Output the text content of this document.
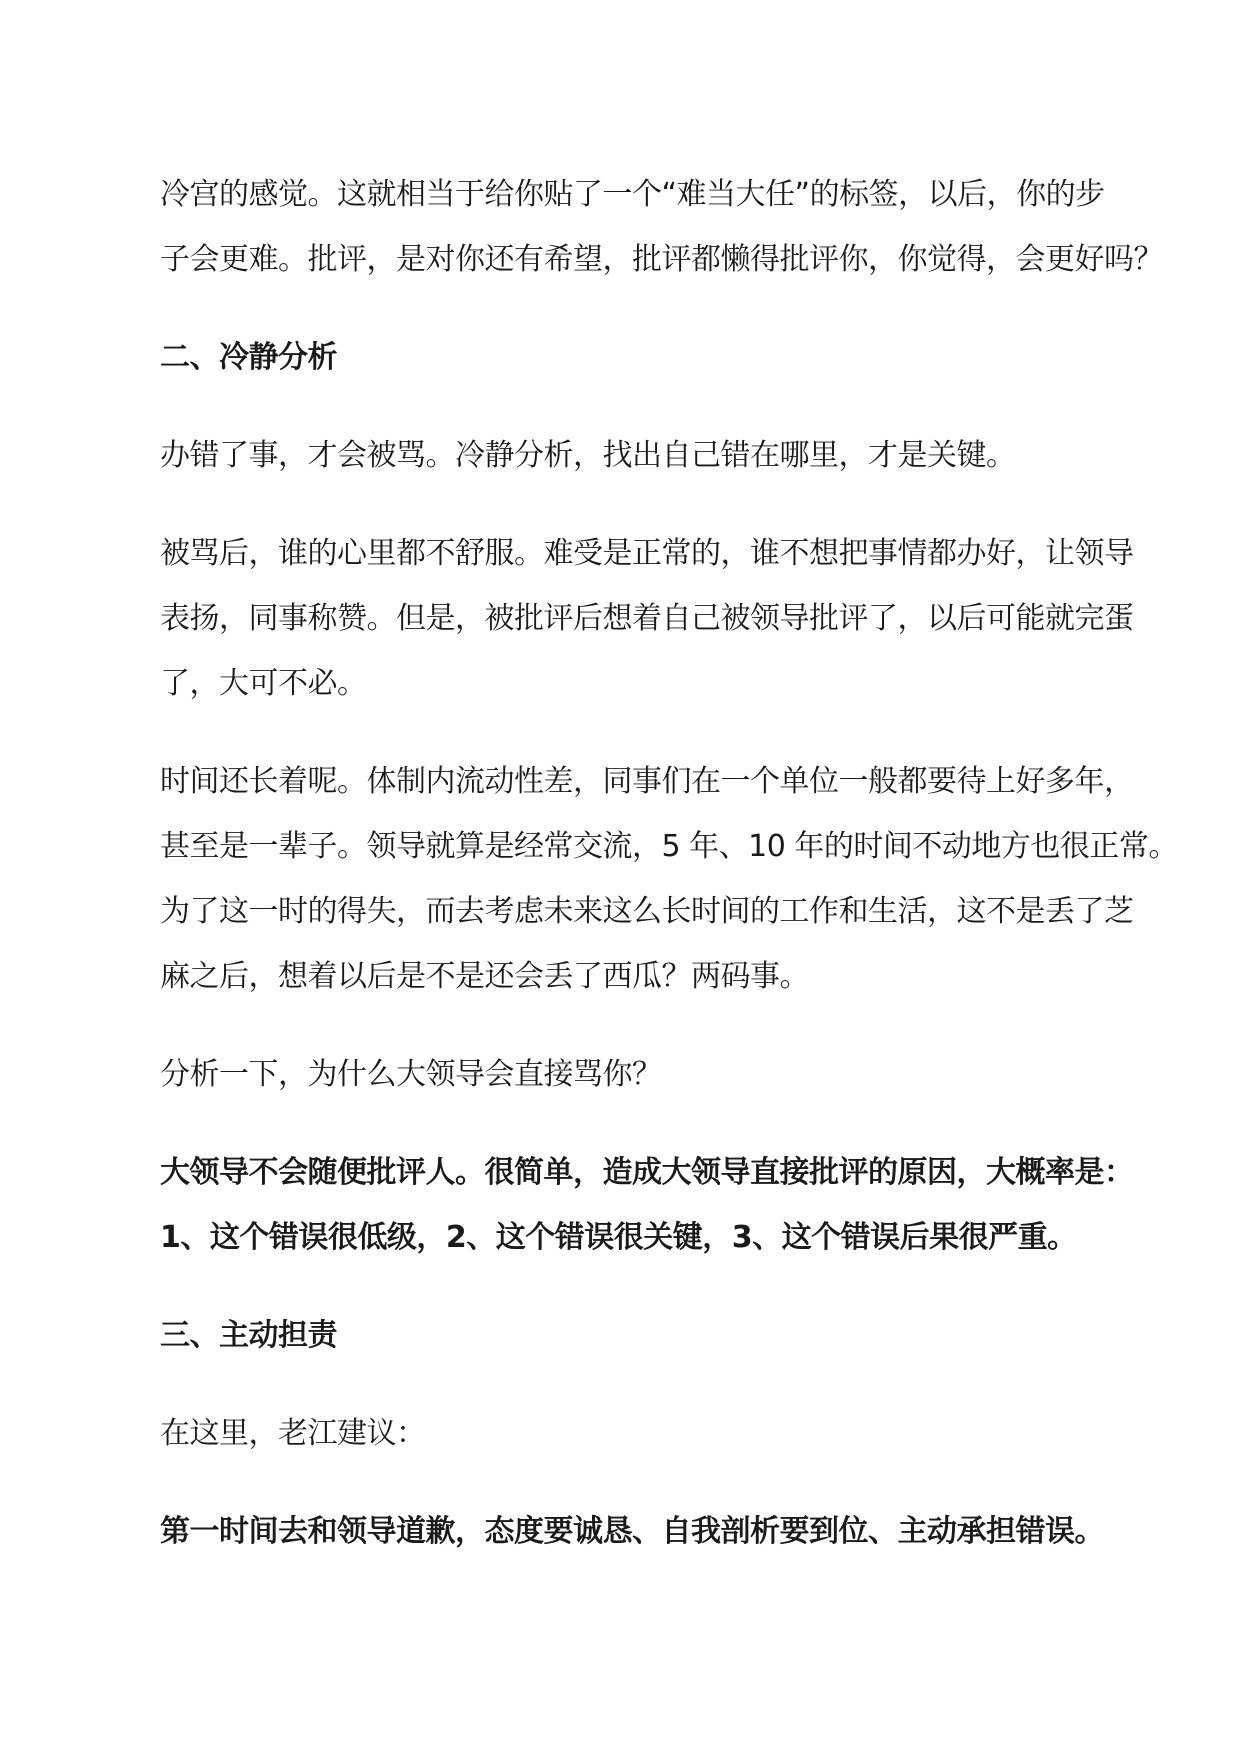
冷宫的感觉。这就相当于给你贴了一个“难当大任”的标签，以后，你的步

子会更难。批评，是对你还有希望，批评都懒得批评你，你觉得，会更好吗？

二、冷静分析

办错了事，才会被骂。冷静分析，找出自己错在哪里，才是关键。

被骂后，谁的心里都不舒服。难受是正常的，谁不想把事情都办好，让领导

表扬，同事称赞。但是，被批评后想着自己被领导批评了，以后可能就完蛋

了，大可不必。

时间还长着呢。体制内流动性差，同事们在一个单位一般都要待上好多年，

甚至是一辈子。领导就算是经常交流，5 年、10 年的时间不动地方也很正常。

为了这一时的得失，而去考虑未来这么长时间的工作和生活，这不是丢了芝

麻之后，想着以后是不是还会丢了西瓜？两码事。

分析一下，为什么大领导会直接骂你？

大领导不会随便批评人。很简单，造成大领导直接批评的原因，大概率是：

1、这个错误很低级，2、这个错误很关键，3、这个错误后果很严重。

三、主动担责

在这里，老江建议：

第一时间去和领导道歉，态度要诚恳、自我剖析要到位、主动承担错误。
